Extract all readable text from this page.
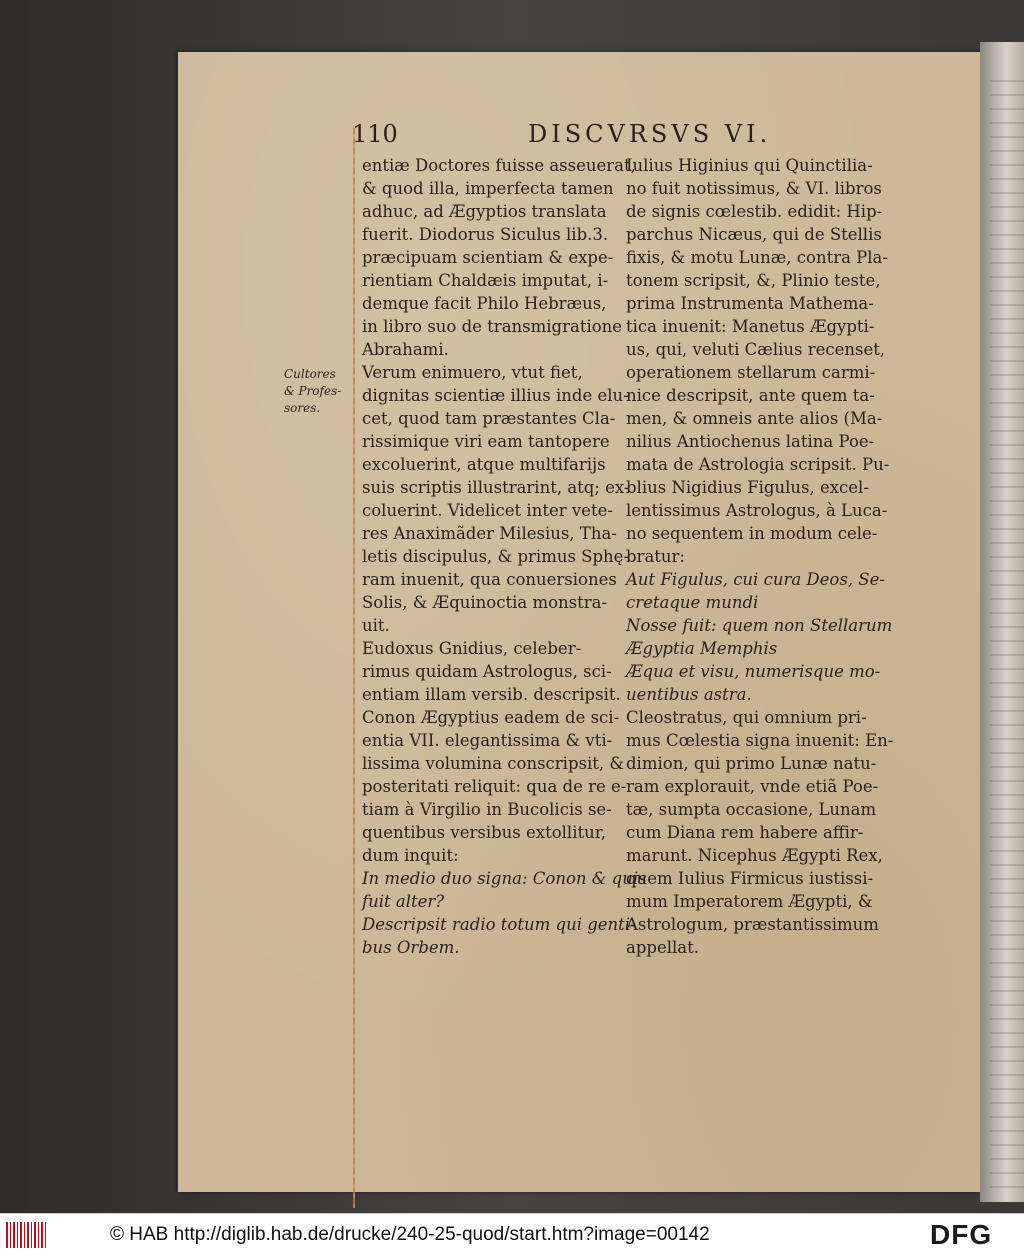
110	DISCVRSVS VI.
Cultores
& Profes-
sores.
entiæ Doctores fuisse asseuerat,
& quod illa, imperfecta tamen
adhuc, ad Ægyptios translata
fuerit. Diodorus Siculus lib.3.
præcipuam scientiam & expe-
rientiam Chaldæis imputat, i-
demque facit Philo Hebræus,
in libro suo de transmigratione
Abrahami.
Verum enimuero, vtut fiet,
dignitas scientiæ illius inde elu-
cet, quod tam præstantes Cla-
rissimique viri eam tantopere
excoluerint, atque multifarijs
suis scriptis illustrarint, atq; ex-
coluerint. Videlicet inter vete-
res Anaximãder Milesius, Tha-
letis discipulus, & primus Sphę-
ram inuenit, qua conuersiones
Solis, & Æquinoctia monstra-
uit.
Eudoxus Gnidius, celeber-
rimus quidam Astrologus, sci-
entiam illam versib. descripsit.
Conon Ægyptius eadem de sci-
entia VII. elegantissima & vti-
lissima volumina conscripsit, &
posteritati reliquit: qua de re e-
tiam à Virgilio in Bucolicis se-
quentibus versibus extollitur,
dum inquit:
In medio duo signa: Conon & quis
fuit alter?
Descripsit radio totum qui genti-
bus Orbem.
Iulius Higinius qui Quinctilia-
no fuit notissimus, & VI. libros
de signis cœlestib. edidit: Hip-
parchus Nicæus, qui de Stellis
fixis, & motu Lunæ, contra Pla-
tonem scripsit, &, Plinio teste,
prima Instrumenta Mathema-
tica inuenit: Manetus Ægypti-
us, qui, veluti Cælius recenset,
operationem stellarum carmi-
nice descripsit, ante quem ta-
men, & omneis ante alios (Ma-
nilius Antiochenus latina Poe-
mata de Astrologia scripsit. Pu-
blius Nigidius Figulus, excel-
lentissimus Astrologus, à Luca-
no sequentem in modum cele-
bratur:
Aut Figulus, cui cura Deos, Se-
cretaque mundi
Nosse fuit: quem non Stellarum
Ægyptia Memphis
Æqua et visu, numerisque mo-
uentibus astra.
Cleostratus, qui omnium pri-
mus Cœlestia signa inuenit: En-
dimion, qui primo Lunæ natu-
ram explorauit, vnde etiã Poe-
tæ, sumpta occasione, Lunam
cum Diana rem habere affir-
marunt. Nicephus Ægypti Rex,
quem Iulius Firmicus iustissi-
mum Imperatorem Ægypti, &
Astrologum, præstantissimum
appellat.
© HAB http://diglib.hab.de/drucke/240-25-quod/start.htm?image=00142	DFG
